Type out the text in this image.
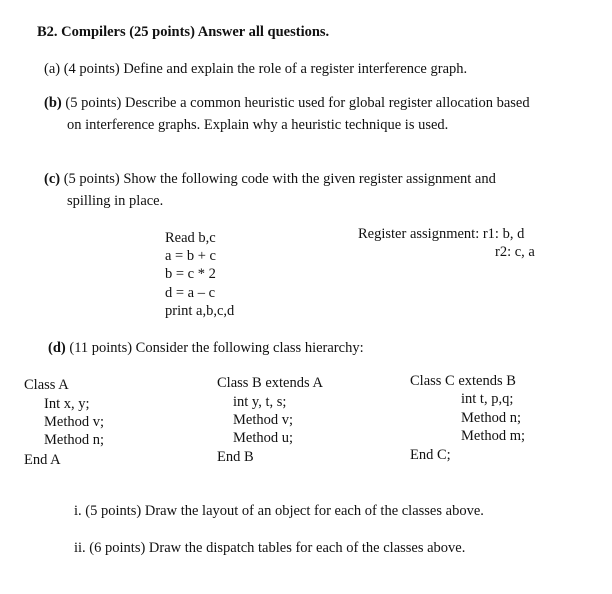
B2. Compilers (25 points) Answer all questions.
(a) (4 points) Define and explain the role of a register interference graph.
(b) (5 points) Describe a common heuristic used for global register allocation based
on interference graphs. Explain why a heuristic technique is used.
(c) (5 points) Show the following code with the given register assignment and
spilling in place.
Read b,c
a = b + c
b = c * 2
d = a – c
print a,b,c,d
Register assignment: r1: b, d
r2: c, a
(d) (11 points) Consider the following class hierarchy:
Class A
Int x, y;
Method v;
Method n;
End A
Class B extends A
int y, t, s;
Method v;
Method u;
End B
Class C extends B
int t, p,q;
Method n;
Method m;
End C;
i. (5 points) Draw the layout of an object for each of the classes above.
ii. (6 points) Draw the dispatch tables for each of the classes above.
